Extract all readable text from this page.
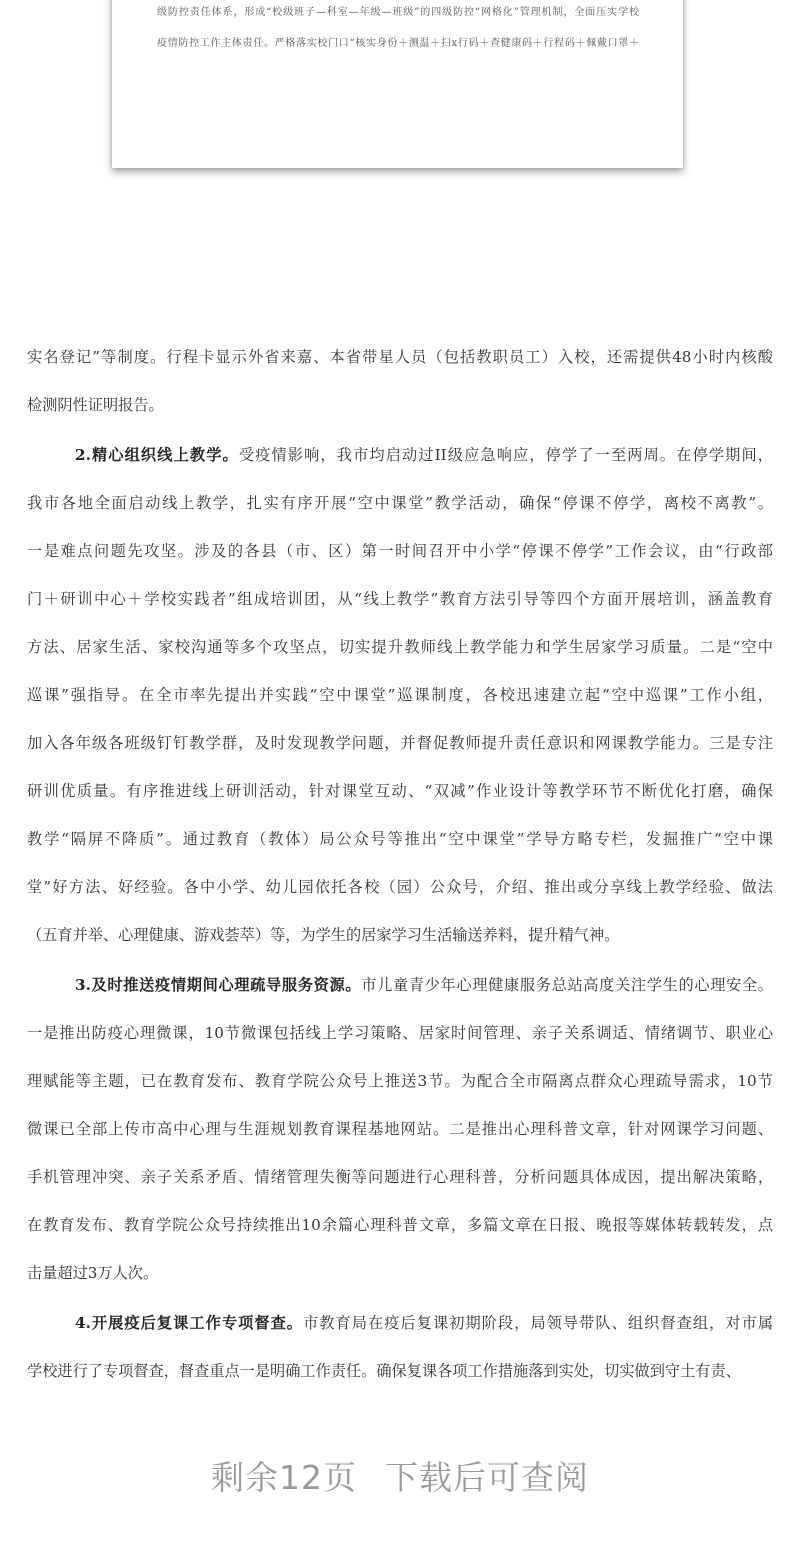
级防控责任体系，形成“校级班子—科室—年级—班级”的四级防控“网格化”管理机制，全面压实学校
疫情防控工作主体责任。严格落实校门口“核实身份＋测温＋扫x行码＋查健康码＋行程码＋佩戴口罩＋
实名登记”等制度。行程卡显示外省来嘉、本省带星人员（包括教职员工）入校，还需提供48小时内核酸
检测阴性证明报告。
2.精心组织线上教学。受疫情影响，我市均启动过II级应急响应，停学了一至两周。在停学期间，
我市各地全面启动线上教学，扎实有序开展“空中课堂”教学活动，确保“停课不停学，离校不离教”。
一是难点问题先攻坚。涉及的各县（市、区）第一时间召开中小学“停课不停学”工作会议，由“行政部
门＋研训中心＋学校实践者”组成培训团，从“线上教学”教育方法引导等四个方面开展培训，涵盖教育
方法、居家生活、家校沟通等多个攻坚点，切实提升教师线上教学能力和学生居家学习质量。二是“空中
巡课”强指导。在全市率先提出并实践“空中课堂”巡课制度，各校迅速建立起“空中巡课”工作小组，
加入各年级各班级钉钉教学群，及时发现教学问题，并督促教师提升责任意识和网课教学能力。三是专注
研训优质量。有序推进线上研训活动，针对课堂互动、“双减”作业设计等教学环节不断优化打磨，确保
教学“隔屏不降质”。通过教育（教体）局公众号等推出“空中课堂”学导方略专栏，发掘推广“空中课
堂”好方法、好经验。各中小学、幼儿园依托各校（园）公众号，介绍、推出或分享线上教学经验、做法
（五育并举、心理健康、游戏荟萃）等，为学生的居家学习生活输送养料，提升精气神。
3.及时推送疫情期间心理疏导服务资源。市儿童青少年心理健康服务总站高度关注学生的心理安全。
一是推出防疫心理微课，10节微课包括线上学习策略、居家时间管理、亲子关系调适、情绪调节、职业心
理赋能等主题，已在教育发布、教育学院公众号上推送3节。为配合全市隔离点群众心理疏导需求，10节
微课已全部上传市高中心理与生涯规划教育课程基地网站。二是推出心理科普文章，针对网课学习问题、
手机管理冲突、亲子关系矛盾、情绪管理失衡等问题进行心理科普，分析问题具体成因，提出解决策略，
在教育发布、教育学院公众号持续推出10余篇心理科普文章，多篇文章在日报、晚报等媒体转载转发，点
击量超过3万人次。
4.开展疫后复课工作专项督查。市教育局在疫后复课初期阶段，局领导带队、组织督查组，对市属
学校进行了专项督查，督查重点一是明确工作责任。确保复课各项工作措施落到实处，切实做到守土有责、
剩余12页 下载后可查阅
